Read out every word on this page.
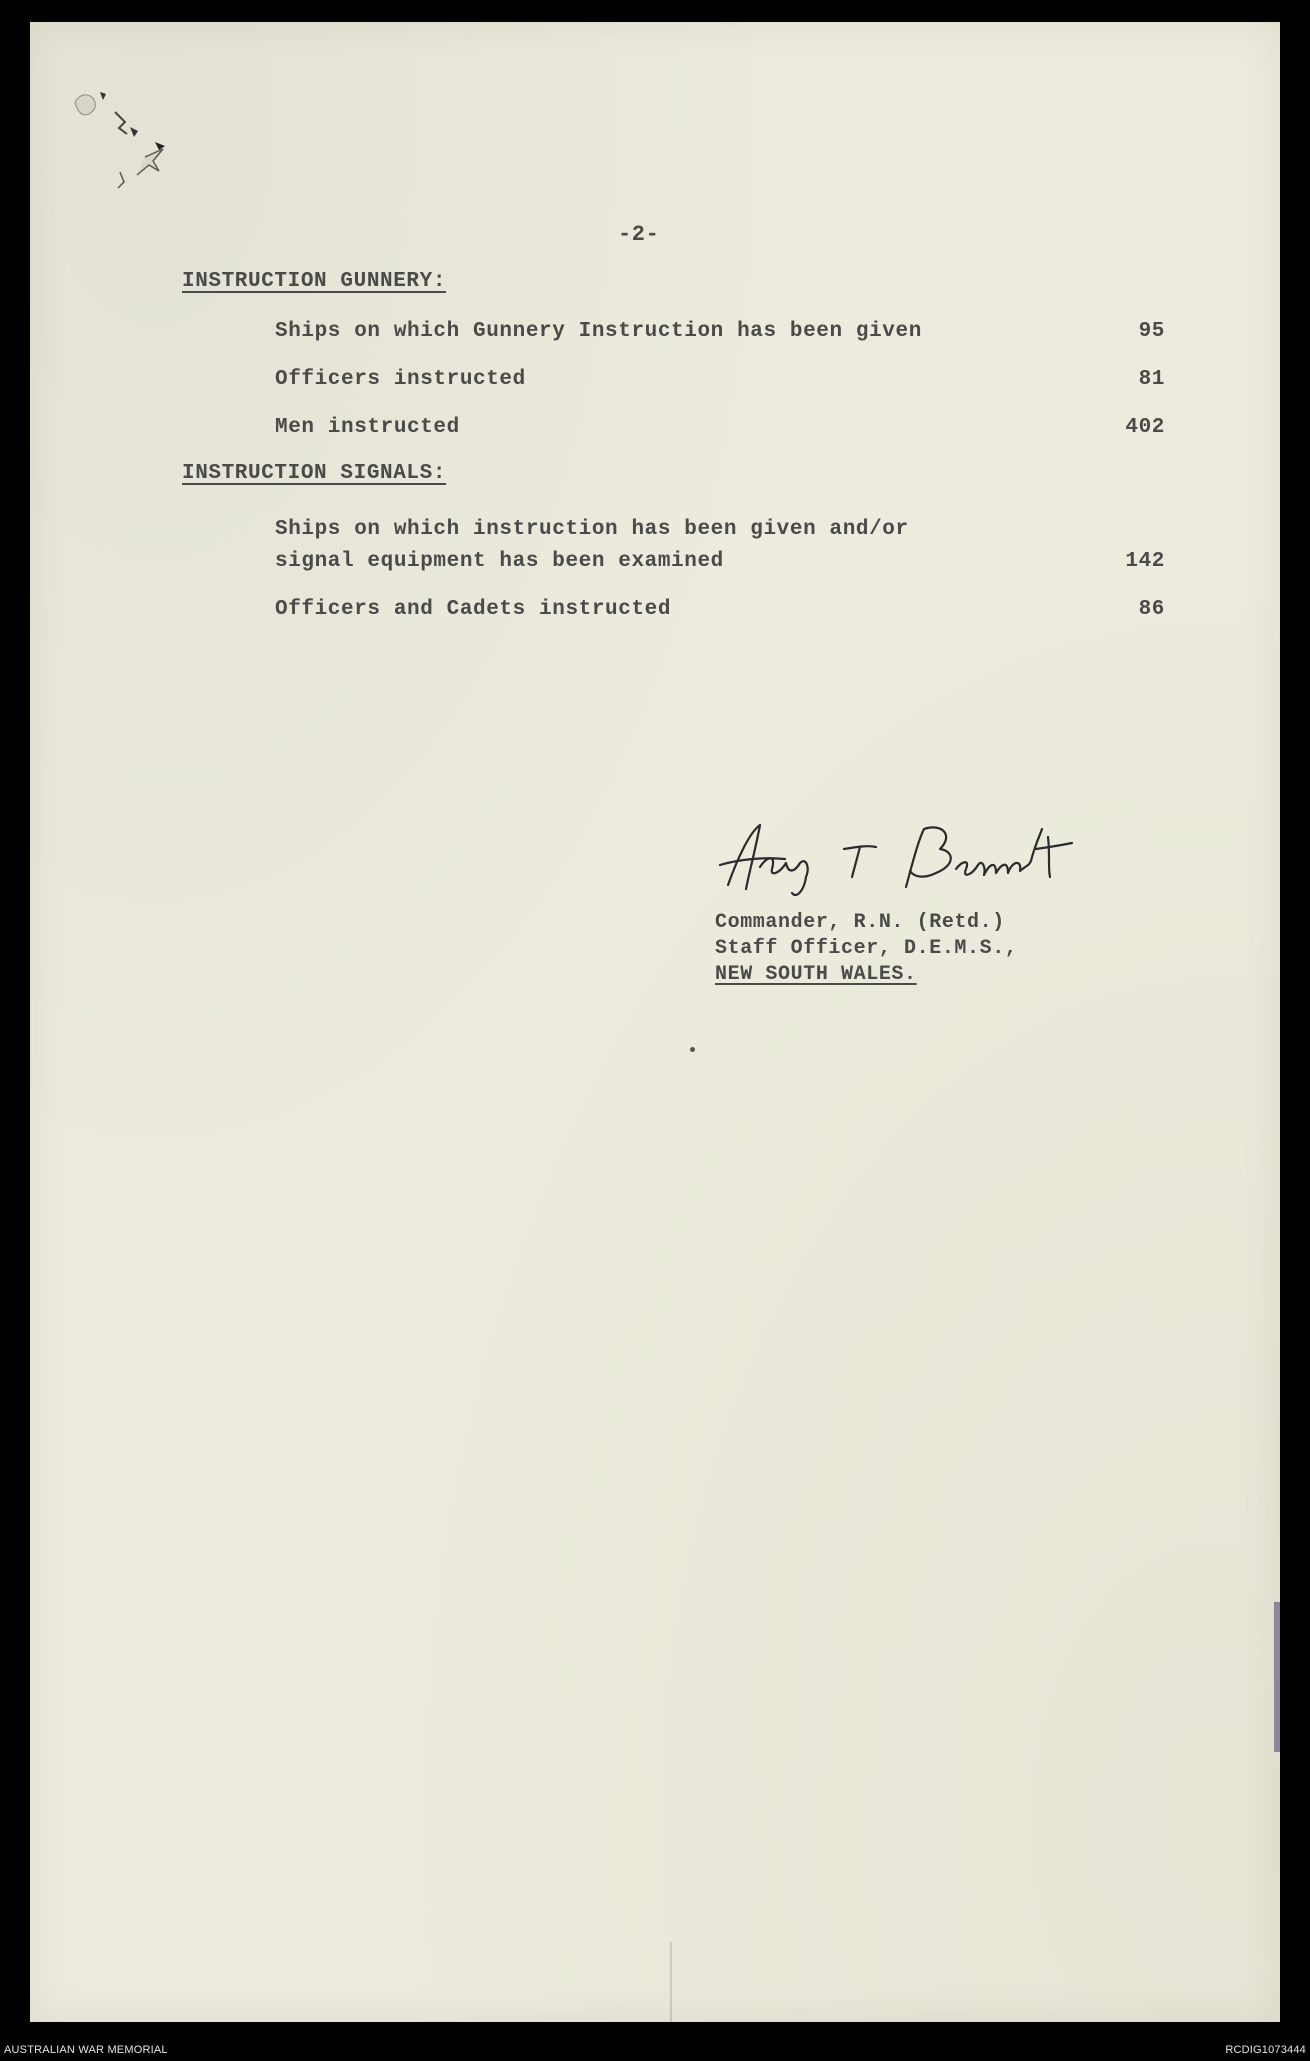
-2-
INSTRUCTION GUNNERY:
Ships on which Gunnery Instruction has been given	95
Officers instructed	81
Men instructed	402
INSTRUCTION SIGNALS:
Ships on which instruction has been given and/or
signal equipment has been examined	142
Officers and Cadets instructed	86
Commander, R.N. (Retd.)
Staff Officer, D.E.M.S.,
NEW SOUTH WALES.
AUSTRALIAN WAR MEMORIAL	RCDIG1073444
